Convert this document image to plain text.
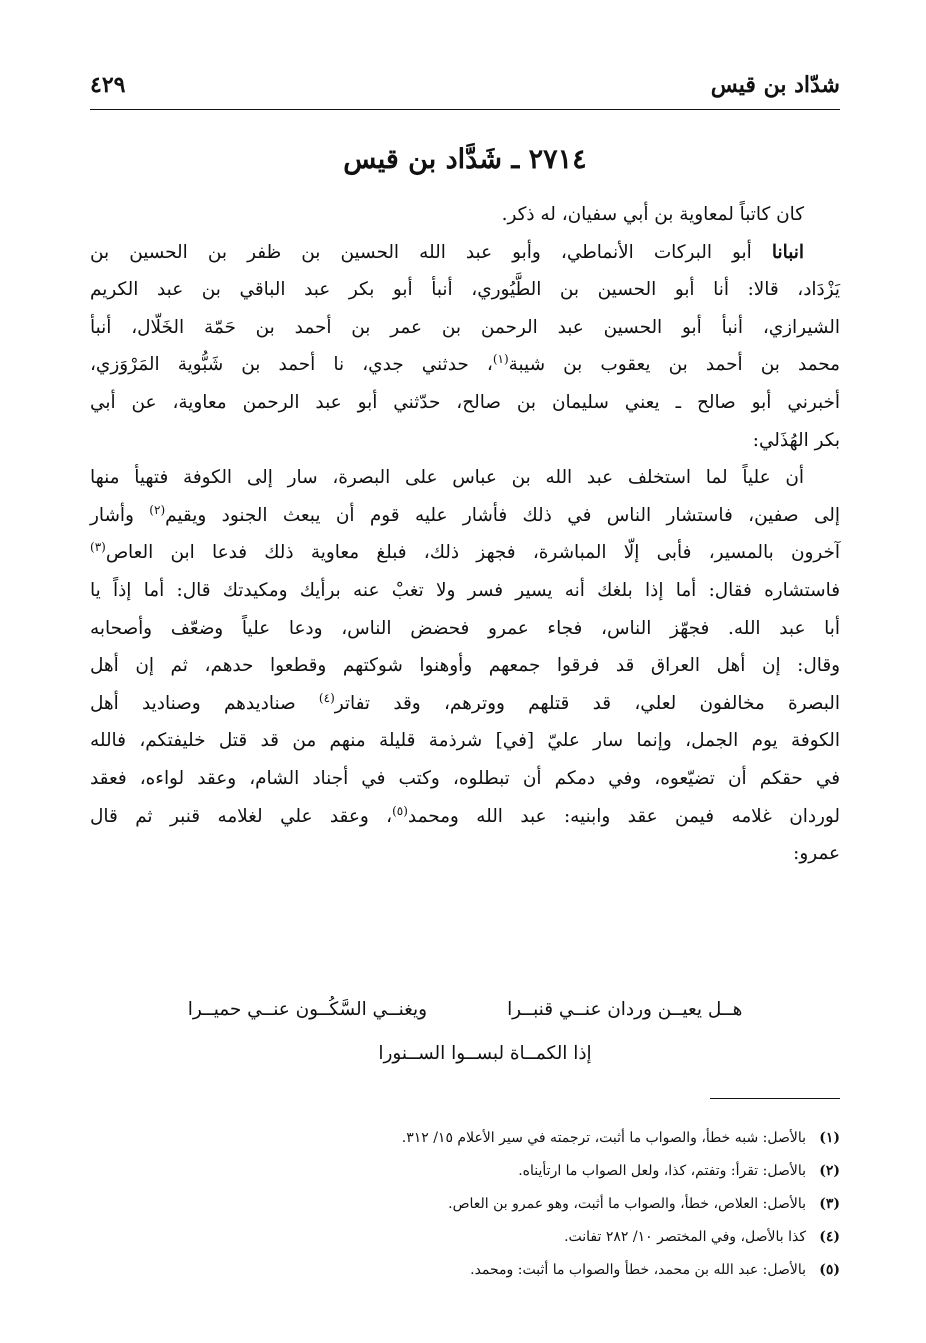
شدّاد بن قيس
٤٢٩
٢٧١٤ ـ شَدَّاد بن قيس
كان كاتباً لمعاوية بن أبي سفيان، له ذكر.
انبانا أبو البركات الأنماطي، وأبو عبد الله الحسين بن ظفر بن الحسين بن
يَزْدَاد، قالا: أنا أبو الحسين بن الطَّيُوري، أنبأ أبو بكر عبد الباقي بن عبد الكريم
الشيرازي، أنبأ أبو الحسين عبد الرحمن بن عمر بن أحمد بن حَمّة الخَلّال، أنبأ
محمد بن أحمد بن يعقوب بن شيبة$^{(١)}$، حدثني جدي، نا أحمد بن شَبُّوية المَرْوَزي،
أخبرني أبو صالح ـ يعني سليمان بن صالح، حدّثني أبو عبد الرحمن معاوية، عن أبي
بكر الهُذَلي:
أن علياً لما استخلف عبد الله بن عباس على البصرة، سار إلى الكوفة فتهيأ منها
إلى صفين، فاستشار الناس في ذلك فأشار عليه قوم أن يبعث الجنود ويقيم$^{(٢)}$ وأشار
آخرون بالمسير، فأبى إلّا المباشرة، فجهز ذلك، فبلغ معاوية ذلك فدعا ابن العاص$^{(٣)}$
فاستشاره فقال: أما إذا بلغك أنه يسير فسر ولا تغبْ عنه برأيك ومكيدتك قال: أما إذاً يا
أبا عبد الله. فجهّز الناس، فجاء عمرو فحضض الناس، ودعا علياً وضعّف وأصحابه
وقال: إن أهل العراق قد فرقوا جمعهم وأوهنوا شوكتهم وقطعوا حدهم، ثم إن أهل
البصرة مخالفون لعلي، قد قتلهم ووترهم، وقد تفاتر$^{(٤)}$ صناديدهم وصناديد أهل
الكوفة يوم الجمل، وإنما سار عليّ [في] شرذمة قليلة منهم من قد قتل خليفتكم، فالله
في حقكم أن تضيّعوه، وفي دمكم أن تبطلوه، وكتب في أجناد الشام، وعقد لواءه، فعقد
لوردان غلامه فيمن عقد وابنيه: عبد الله ومحمد$^{(٥)}$، وعقد علي لغلامه قنبر ثم قال
عمرو:
هــل يعيــن وردان عنــي قنبــرا
ويغنــي السَّكُــون عنــي حميــرا
إذا الكمــاة لبســوا الســنورا
(١)
بالأصل: شبه خطأ، والصواب ما أثبت، ترجمته في سير الأعلام ١٥/ ٣١٢.
(٢)
بالأصل: تقرأ: وتفتم، كذا، ولعل الصواب ما ارتأيناه.
(٣)
بالأصل: العلاص، خطأ، والصواب ما أثبت، وهو عمرو بن العاص.
(٤)
كذا بالأصل، وفي المختصر ١٠/ ٢٨٢ تفانت.
(٥)
بالأصل: عبد الله بن محمد، خطأ والصواب ما أثبت: ومحمد.
